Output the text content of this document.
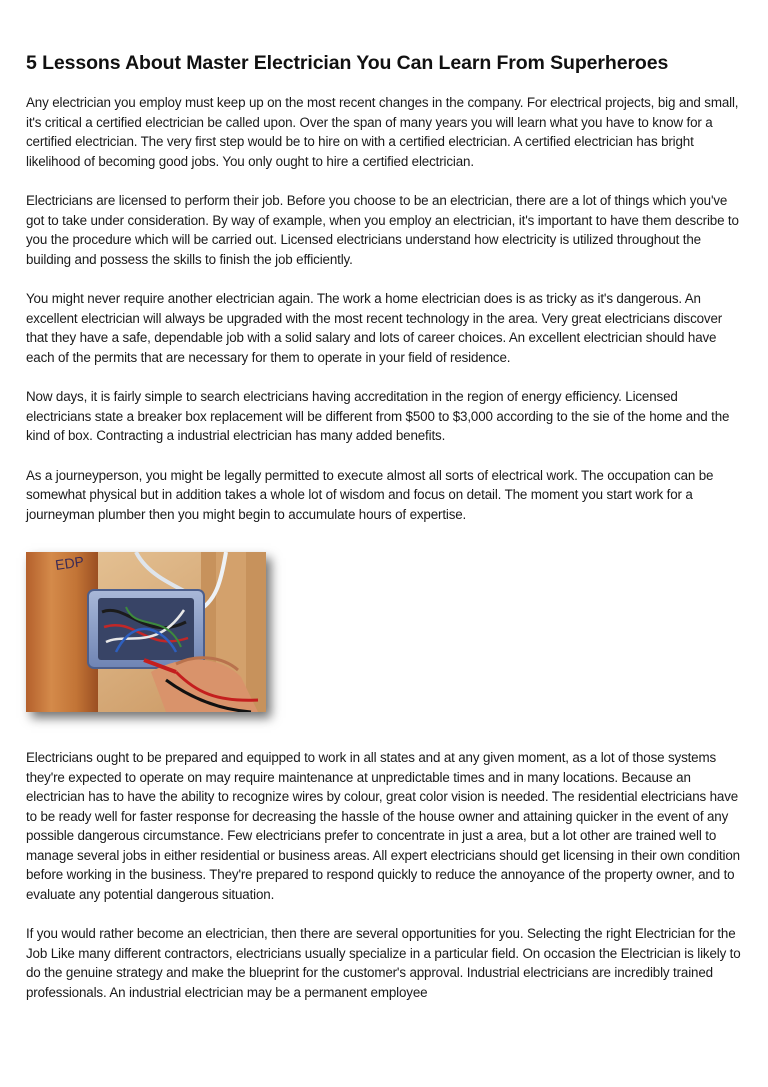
5 Lessons About Master Electrician You Can Learn From Superheroes

Any electrician you employ must keep up on the most recent changes in the company. For electrical projects, big and small, it's critical a certified electrician be called upon. Over the span of many years you will learn what you have to know for a certified electrician. The very first step would be to hire on with a certified electrician. A certified electrician has bright likelihood of becoming good jobs. You only ought to hire a certified electrician.

Electricians are licensed to perform their job. Before you choose to be an electrician, there are a lot of things which you've got to take under consideration. By way of example, when you employ an electrician, it's important to have them describe to you the procedure which will be carried out. Licensed electricians understand how electricity is utilized throughout the building and possess the skills to finish the job efficiently.

You might never require another electrician again. The work a home electrician does is as tricky as it's dangerous. An excellent electrician will always be upgraded with the most recent technology in the area. Very great electricians discover that they have a safe, dependable job with a solid salary and lots of career choices. An excellent electrician should have each of the permits that are necessary for them to operate in your field of residence.

Now days, it is fairly simple to search electricians having accreditation in the region of energy efficiency. Licensed electricians state a breaker box replacement will be different from $500 to $3,000 according to the sie of the home and the kind of box. Contracting a industrial electrician has many added benefits.

As a journeyperson, you might be legally permitted to execute almost all sorts of electrical work. The occupation can be somewhat physical but in addition takes a whole lot of wisdom and focus on detail. The moment you start work for a journeyman plumber then you might begin to accumulate hours of expertise.

EDP

Electricians ought to be prepared and equipped to work in all states and at any given moment, as a lot of those systems they're expected to operate on may require maintenance at unpredictable times and in many locations. Because an electrician has to have the ability to recognize wires by colour, great color vision is needed. The residential electricians have to be ready well for faster response for decreasing the hassle of the house owner and attaining quicker in the event of any possible dangerous circumstance. Few electricians prefer to concentrate in just a area, but a lot other are trained well to manage several jobs in either residential or business areas. All expert electricians should get licensing in their own condition before working in the business. They're prepared to respond quickly to reduce the annoyance of the property owner, and to evaluate any potential dangerous situation.

If you would rather become an electrician, then there are several opportunities for you. Selecting the right Electrician for the Job Like many different contractors, electricians usually specialize in a particular field. On occasion the Electrician is likely to do the genuine strategy and make the blueprint for the customer's approval. Industrial electricians are incredibly trained professionals. An industrial electrician may be a permanent employee
